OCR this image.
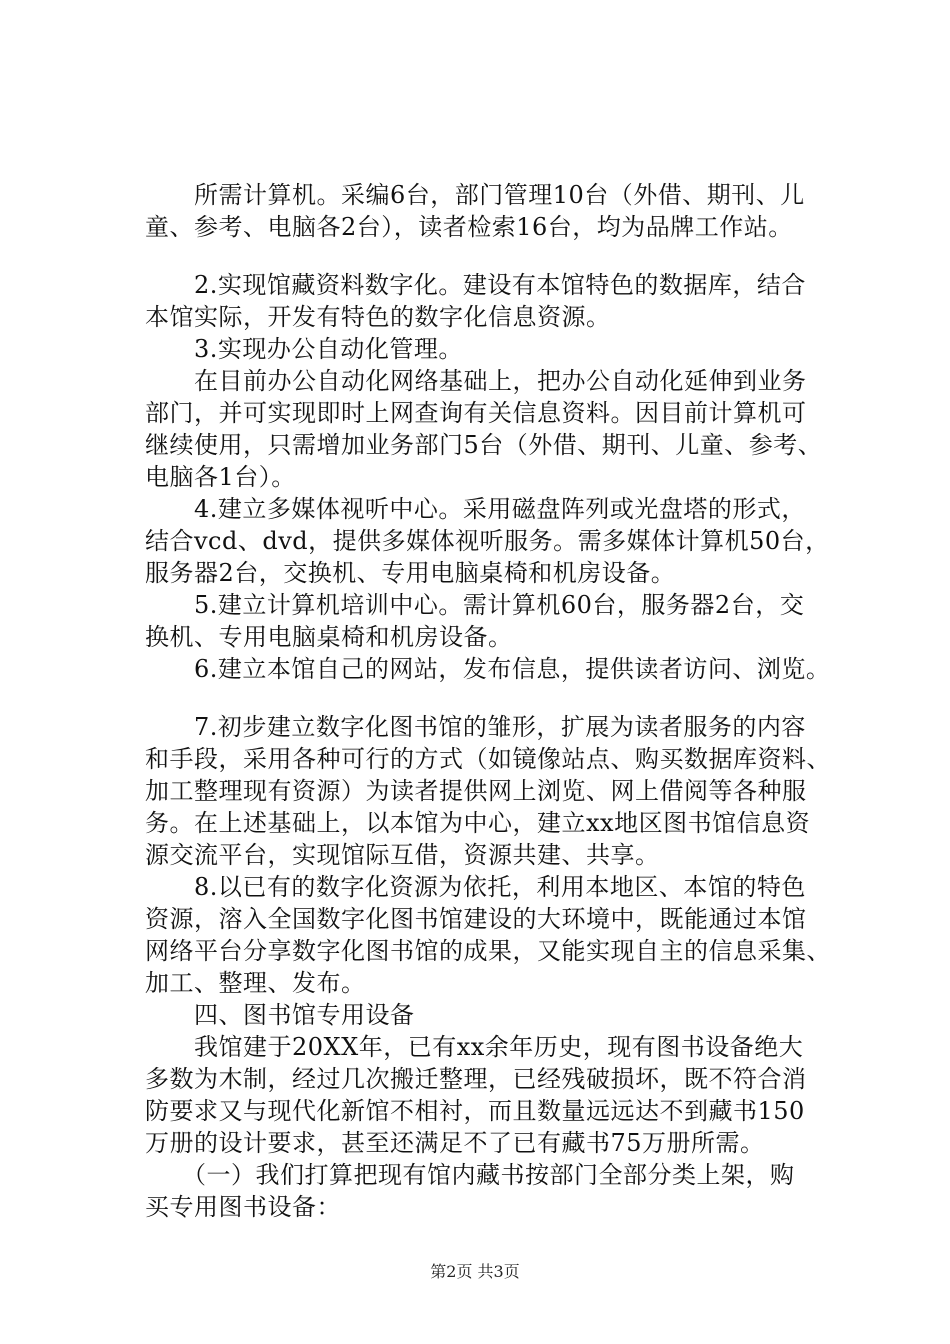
　　所需计算机。采编6台，部门管理10台（外借、期刊、儿
童、参考、电脑各2台），读者检索16台，均为品牌工作站。
　　2.实现馆藏资料数字化。建设有本馆特色的数据库，结合
本馆实际，开发有特色的数字化信息资源。
　　3.实现办公自动化管理。
　　在目前办公自动化网络基础上，把办公自动化延伸到业务
部门，并可实现即时上网查询有关信息资料。因目前计算机可
继续使用，只需增加业务部门5台（外借、期刊、儿童、参考、
电脑各1台）。
　　4.建立多媒体视听中心。采用磁盘阵列或光盘塔的形式，
结合vcd、dvd，提供多媒体视听服务。需多媒体计算机50台，
服务器2台，交换机、专用电脑桌椅和机房设备。
　　5.建立计算机培训中心。需计算机60台，服务器2台，交
换机、专用电脑桌椅和机房设备。
　　6.建立本馆自己的网站，发布信息，提供读者访问、浏览。
　　7.初步建立数字化图书馆的雏形，扩展为读者服务的内容
和手段，采用各种可行的方式（如镜像站点、购买数据库资料、
加工整理现有资源）为读者提供网上浏览、网上借阅等各种服
务。在上述基础上，以本馆为中心，建立xx地区图书馆信息资
源交流平台，实现馆际互借，资源共建、共享。
　　8.以已有的数字化资源为依托，利用本地区、本馆的特色
资源，溶入全国数字化图书馆建设的大环境中，既能通过本馆
网络平台分享数字化图书馆的成果，又能实现自主的信息采集、
加工、整理、发布。
　　四、图书馆专用设备
　　我馆建于20XX年，已有xx余年历史，现有图书设备绝大
多数为木制，经过几次搬迁整理，已经残破损坏，既不符合消
防要求又与现代化新馆不相衬，而且数量远远达不到藏书150
万册的设计要求，甚至还满足不了已有藏书75万册所需。
　　（一）我们打算把现有馆内藏书按部门全部分类上架，购
买专用图书设备：
第2页 共3页
